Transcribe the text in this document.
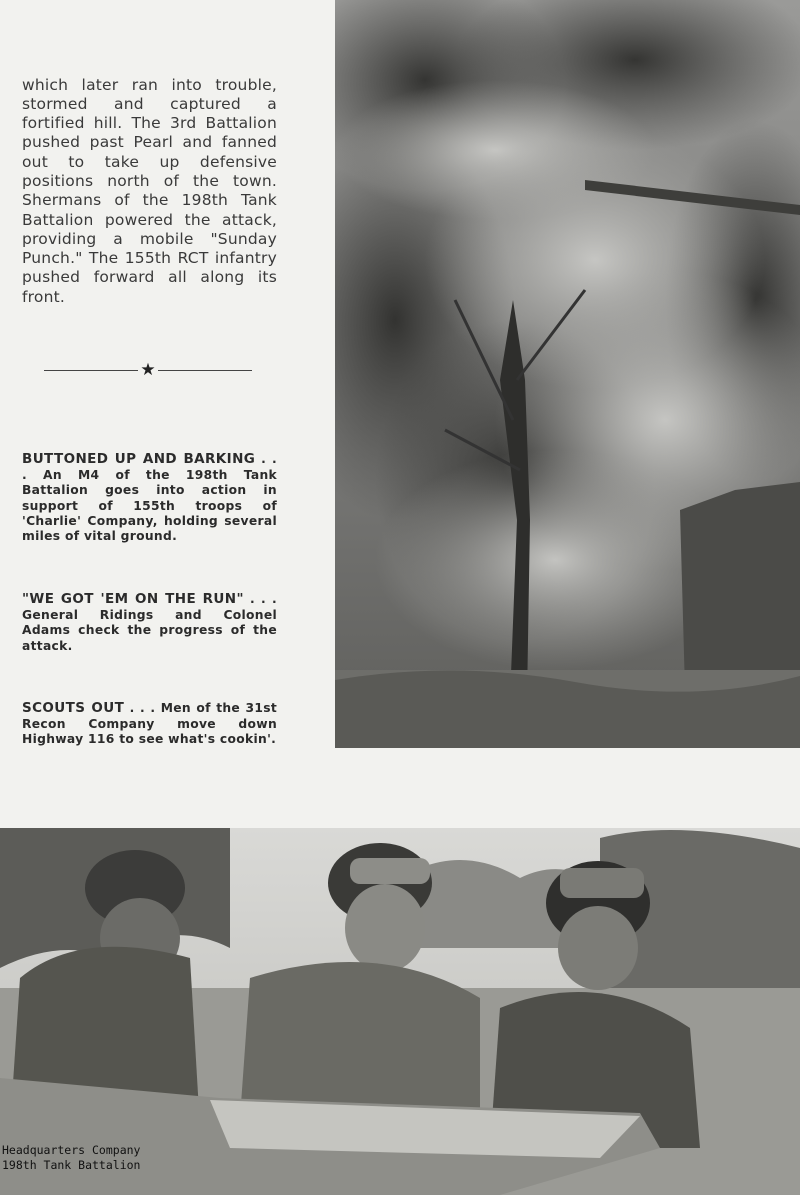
which later ran into trouble, stormed and captured a fortified hill. The 3rd Battalion pushed past Pearl and fanned out to take up defensive positions north of the town. Shermans of the 198th Tank Battalion powered the attack, providing a mobile "Sunday Punch." The 155th RCT infantry pushed forward all along its front.

★

BUTTONED UP AND BARKING . . . An M4 of the 198th Tank Battalion goes into action in support of 155th troops of 'Charlie' Company, holding several miles of vital ground.

"WE GOT 'EM ON THE RUN" . . . General Ridings and Colonel Adams check the progress of the attack.

SCOUTS OUT . . . Men of the 31st Recon Company move down Highway 116 to see what's cookin'.

Headquarters Company
198th Tank Battalion
